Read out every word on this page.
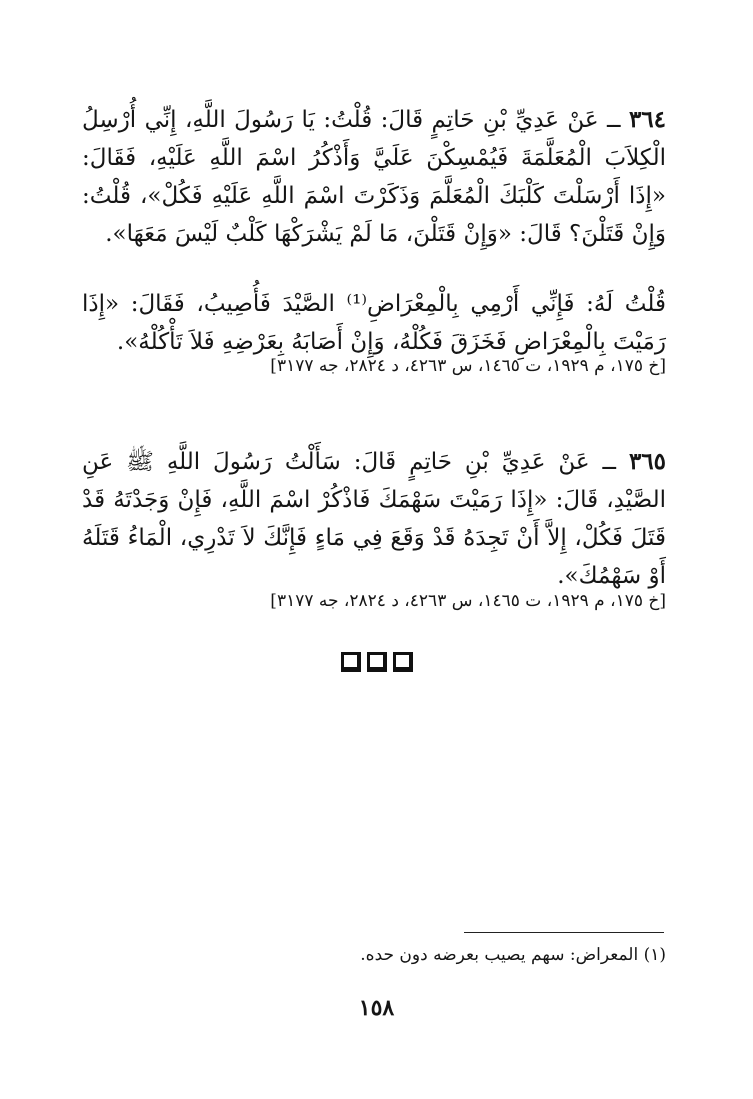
٣٦٤ ــ عَنْ عَدِيِّ بْنِ حَاتِمٍ قَالَ: قُلْتُ: يَا رَسُولَ اللَّهِ، إِنِّي أُرْسِلُ الْكِلاَبَ الْمُعَلَّمَةَ فَيُمْسِكْنَ عَلَيَّ وَأَذْكُرُ اسْمَ اللَّهِ عَلَيْهِ، فَقَالَ: «إِذَا أَرْسَلْتَ كَلْبَكَ الْمُعَلَّمَ وَذَكَرْتَ اسْمَ اللَّهِ عَلَيْهِ فَكُلْ»، قُلْتُ: وَإِنْ قَتَلْنَ؟ قَالَ: «وَإِنْ قَتَلْنَ، مَا لَمْ يَشْرَكْهَا كَلْبٌ لَيْسَ مَعَهَا».

قُلْتُ لَهُ: فَإِنِّي أَرْمِي بِالْمِعْرَاضِ⁽¹⁾ الصَّيْدَ فَأُصِيبُ، فَقَالَ: «إِذَا رَمَيْتَ بِالْمِعْرَاضِ فَخَزَقَ فَكُلْهُ، وَإِنْ أَصَابَهُ بِعَرْضِهِ فَلاَ تَأْكُلْهُ».

[خ ١٧٥، م ١٩٢٩، ت ١٤٦٥، س ٤٢٦٣، د ٢٨٢٤، جه ٣١٧٧]

٣٦٥ ــ عَنْ عَدِيِّ بْنِ حَاتِمٍ قَالَ: سَأَلْتُ رَسُولَ اللَّهِ ﷺ عَنِ الصَّيْدِ، قَالَ: «إِذَا رَمَيْتَ سَهْمَكَ فَاذْكُرْ اسْمَ اللَّهِ، فَإِنْ وَجَدْتَهُ قَدْ قَتَلَ فَكُلْ، إِلاَّ أَنْ تَجِدَهُ قَدْ وَقَعَ فِي مَاءٍ فَإِنَّكَ لاَ تَدْرِي، الْمَاءُ قَتَلَهُ أَوْ سَهْمُكَ».

[خ ١٧٥، م ١٩٢٩، ت ١٤٦٥، س ٤٢٦٣، د ٢٨٢٤، جه ٣١٧٧]
(١) المعراض: سهم يصيب بعرضه دون حده.
١٥٨
